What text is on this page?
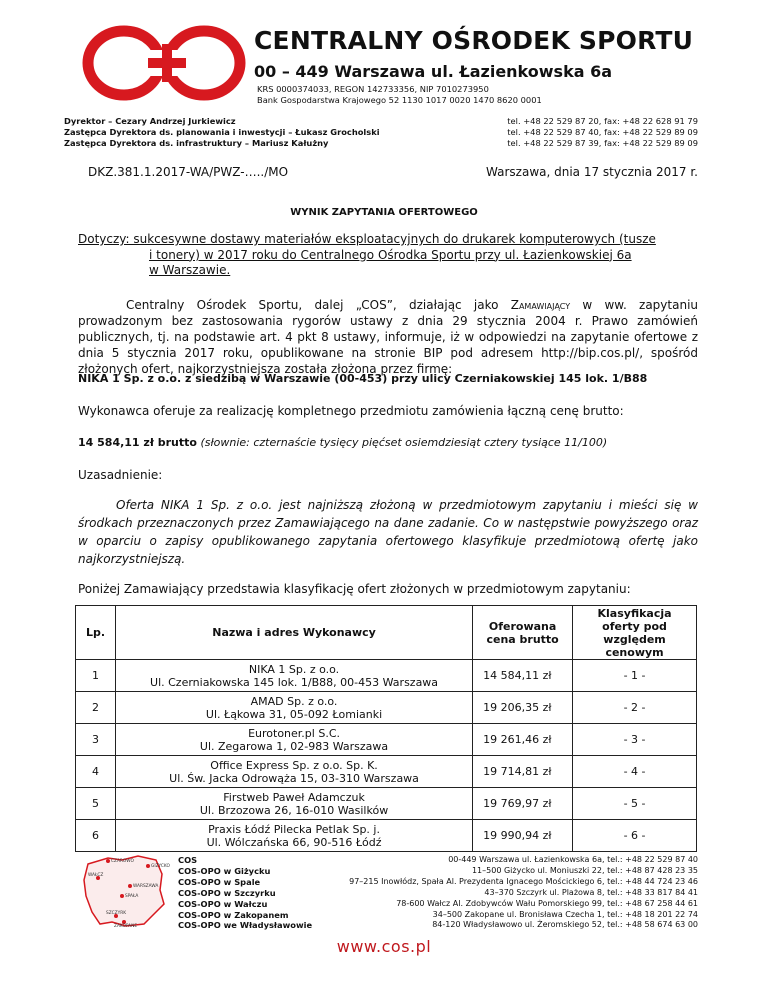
CENTRALNY OŚRODEK SPORTU
00 – 449 Warszawa ul. Łazienkowska 6a
KRS 0000374033, REGON 142733356, NIP 7010273950
Bank Gospodarstwa Krajowego 52 1130 1017 0020 1470 8620 0001
Dyrektor – Cezary Andrzej Jurkiewicz
Zastępca Dyrektora ds. planowania i inwestycji – Łukasz Grocholski
Zastępca Dyrektora ds. infrastruktury – Mariusz Kałużny
tel. +48 22 529 87 20, fax: +48 22 628 91 79
tel. +48 22 529 87 40, fax: +48 22 529 89 09
tel. +48 22 529 87 39, fax: +48 22 529 89 09
DKZ.381.1.2017-WA/PWZ-…../MO	Warszawa, dnia 17 stycznia 2017 r.
WYNIK ZAPYTANIA OFERTOWEGO
Dotyczy: sukcesywne dostawy materiałów eksploatacyjnych do drukarek komputerowych (tusze
i tonery) w 2017 roku do Centralnego Ośrodka Sportu przy ul. Łazienkowskiej 6a
w Warszawie.
Centralny Ośrodek Sportu, dalej „COS”, działając jako Zamawiający w ww. zapytaniu prowadzonym bez zastosowania rygorów ustawy z dnia 29 stycznia 2004 r. Prawo zamówień publicznych, tj. na podstawie art. 4 pkt 8 ustawy, informuje, iż w odpowiedzi na zapytanie ofertowe z dnia 5 stycznia 2017 roku, opublikowane na stronie BIP pod adresem http://bip.cos.pl/, spośród złożonych ofert, najkorzystniejsza została złożona przez firmę:
NIKA 1 Sp. z o.o. z siedzibą w Warszawie (00-453) przy ulicy Czerniakowskiej 145 lok. 1/B88
Wykonawca oferuje za realizację kompletnego przedmiotu zamówienia łączną cenę brutto:
14 584,11 zł brutto (słownie: czternaście tysięcy pięćset osiemdziesiąt cztery tysiące 11/100)
Uzasadnienie:
Oferta NIKA 1 Sp. z o.o. jest najniższą złożoną w przedmiotowym zapytaniu i mieści się w środkach przeznaczonych przez Zamawiającego na dane zadanie. Co w następstwie powyższego oraz w oparciu o zapisy opublikowanego zapytania ofertowego klasyfikuje przedmiotową ofertę jako najkorzystniejszą.
Poniżej Zamawiający przedstawia klasyfikację ofert złożonych w przedmiotowym zapytaniu:
Lp.	Nazwa i adres Wykonawcy	Oferowana cena brutto	Klasyfikacja oferty pod względem cenowym
1	NIKA 1 Sp. z o.o.
Ul. Czerniakowska 145 lok. 1/B88, 00-453 Warszawa	14 584,11 zł	- 1 -
2	AMAD Sp. z o.o.
Ul. Łąkowa 31, 05-092 Łomianki	19 206,35 zł	- 2 -
3	Eurotoner.pl S.C.
Ul. Zegarowa 1, 02-983 Warszawa	19 261,46 zł	- 3 -
4	Office Express Sp. z o.o. Sp. K.
Ul. Św. Jacka Odrowąża 15, 03-310 Warszawa	19 714,81 zł	- 4 -
5	Firstweb Paweł Adamczuk
Ul. Brzozowa 26, 16-010 Wasilków	19 769,97 zł	- 5 -
6	Praxis Łódź Pilecka Petlak Sp. j.
Ul. Wólczańska 66, 90-516 Łódź	19 990,94 zł	- 6 -
CZAROWO
GIŻYCKO
WAŁCZ
WARSZAWA
SPAŁA
SZCZYRK
ZAKOPANE
COS
COS-OPO w Giżycku
COS-OPO w Spale
COS-OPO w Szczyrku
COS-OPO w Wałczu
COS-OPO w Zakopanem
COS-OPO we Władysławowie
00-449 Warszawa ul. Łazienkowska 6a, tel.: +48 22 529 87 40
11–500 Giżycko ul. Moniuszki 22, tel.: +48 87 428 23 35
97–215 Inowłódz, Spała Al. Prezydenta Ignacego Mościckiego 6, tel.: +48 44 724 23 46
43–370 Szczyrk ul. Plażowa 8, tel.: +48 33 817 84 41
78-600 Wałcz Al. Zdobywców Wału Pomorskiego 99, tel.: +48 67 258 44 61
34–500 Zakopane ul. Bronisława Czecha 1, tel.: +48 18 201 22 74
84-120 Władysławowo ul. Żeromskiego 52, tel.: +48 58 674 63 00
www.cos.pl
